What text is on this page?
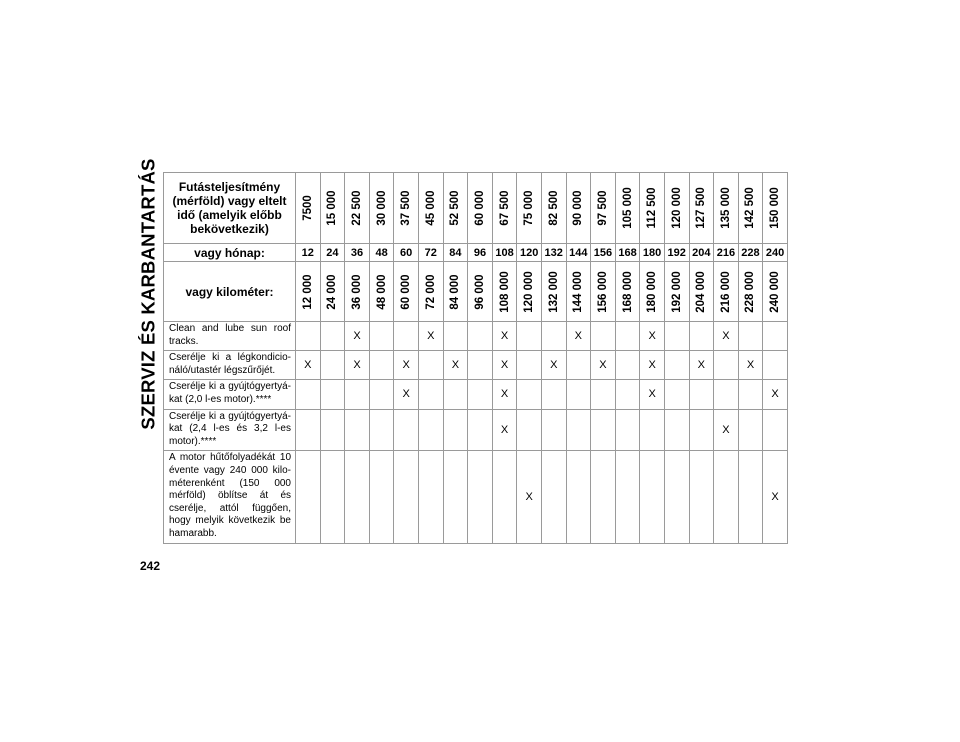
SZERVIZ ÉS KARBANTARTÁS Futásteljesítmény (mérföld) vagy eltelt idő (amelyik előbb bekövetkezik)	7500	15 000	22 500	30 000	37 500	45 000	52 500	60 000	67 500	75 000	82 500	90 000	97 500	105 000	112 500	120 000	127 500	135 000	142 500	150 000

vagy hónap:	12	24	36	48	60	72	84	96	108	120	132	144	156	168	180	192	204	216	228	240
vagy kilométer:	12 000	24 000	36 000	48 000	60 000	72 000	84 000	96 000	108 000	120 000	132 000	144 000	156 000	168 000	180 000	192 000	204 000	216 000	228 000	240 000

Clean and lube sun roof tracks.			X			X			X			X			X			X		
Cserélje ki a légkondicio-náló/utastér légszűrőjét.	X		X		X		X		X		X		X		X		X		X	
Cserélje ki a gyújtógyertyá-kat (2,0 l-es motor).****					X				X						X					X
Cserélje ki a gyújtógyertyá-kat (2,4 l-es és 3,2 l-es motor).****									X									X		
A motor hűtőfolyadékát 10 évente vagy 240 000 kilo-méterenként (150 000 mérföld) öblítse át és cserélje, attól függően, hogy melyik következik be hamarabb.										X										X
242
